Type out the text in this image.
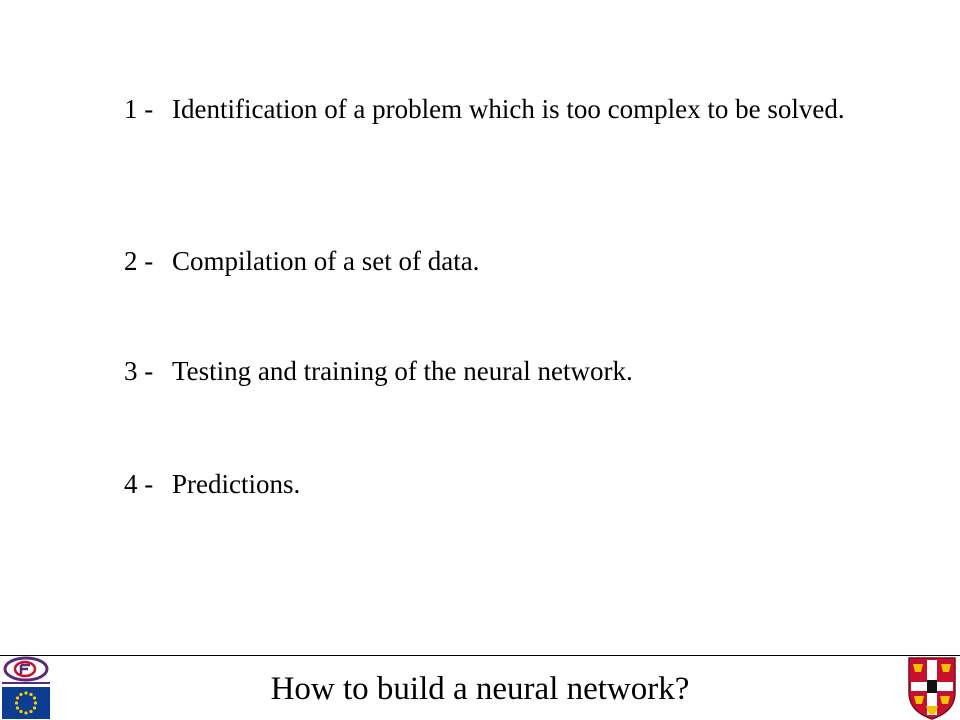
1 - Identification of a problem which is too complex to be solved.
2 - Compilation of a set of data.
3 - Testing and training of the neural network.
4 - Predictions.
How to build a neural network?
